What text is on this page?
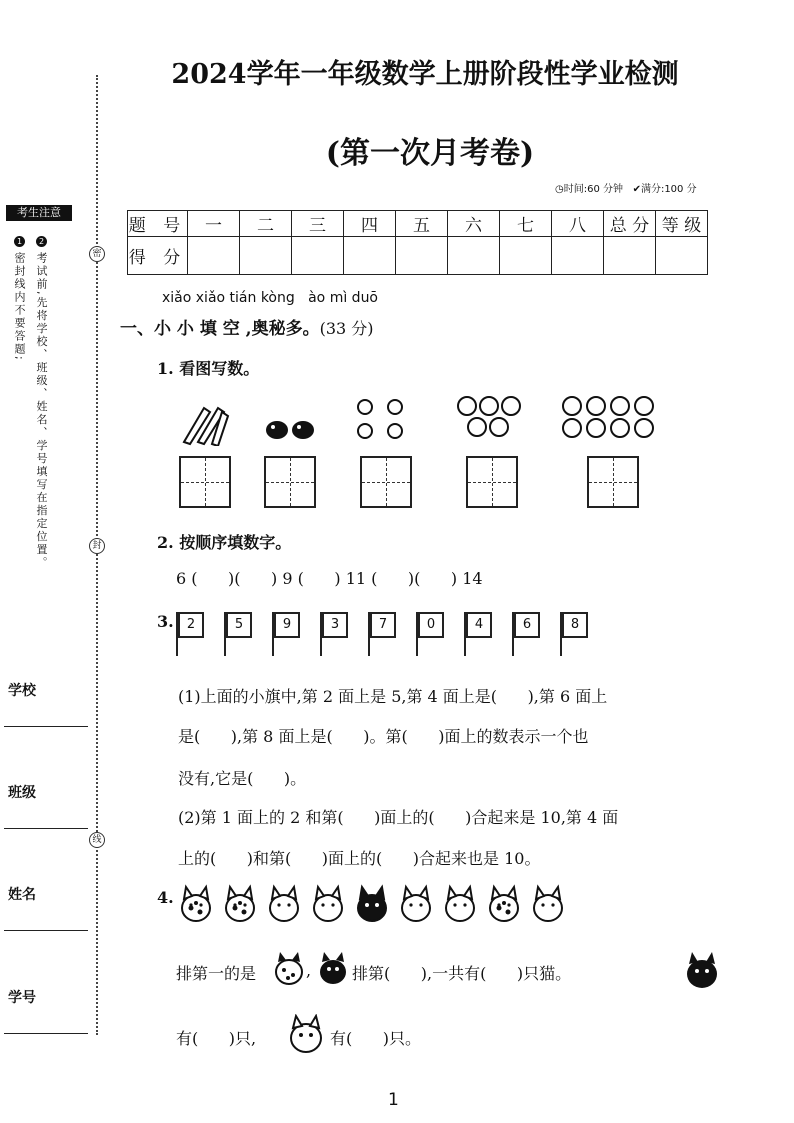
考生注意
1	2
密封线内不要答题; 考试前,先将学校、班级、姓名、学号填写在指定位置。	密
封
线
学校
班级
姓名
学号
2024学年一年级数学上册阶段性学业检测
(第一次月考卷)
◷时间:60 分钟 ✔满分:100 分
题 号	一	二	三	四	五	六	七	八	总 分	等 级
得 分										
xiǎo xiǎo tián kòng   ào mì duō
一、小 小 填 空 ,奥秘多。(33 分)
1. 看图写数。
2. 按顺序填数字。
6 (      )(      ) 9 (      ) 11 (      )(      ) 14
3.	2	5	9	3	7	0	4	6	8
(1)上面的小旗中,第 2 面上是 5,第 4 面上是(      ),第 6 面上
是(      ),第 8 面上是(      )。第(      )面上的数表示一个也
没有,它是(      )。
(2)第 1 面上的 2 和第(      )面上的(      )合起来是 10,第 4 面
上的(      )和第(      )面上的(      )合起来也是 10。
4.
排第一的是	,	排第(      ),一共有(      )只猫。
有(      )只,	有(      )只。
1
